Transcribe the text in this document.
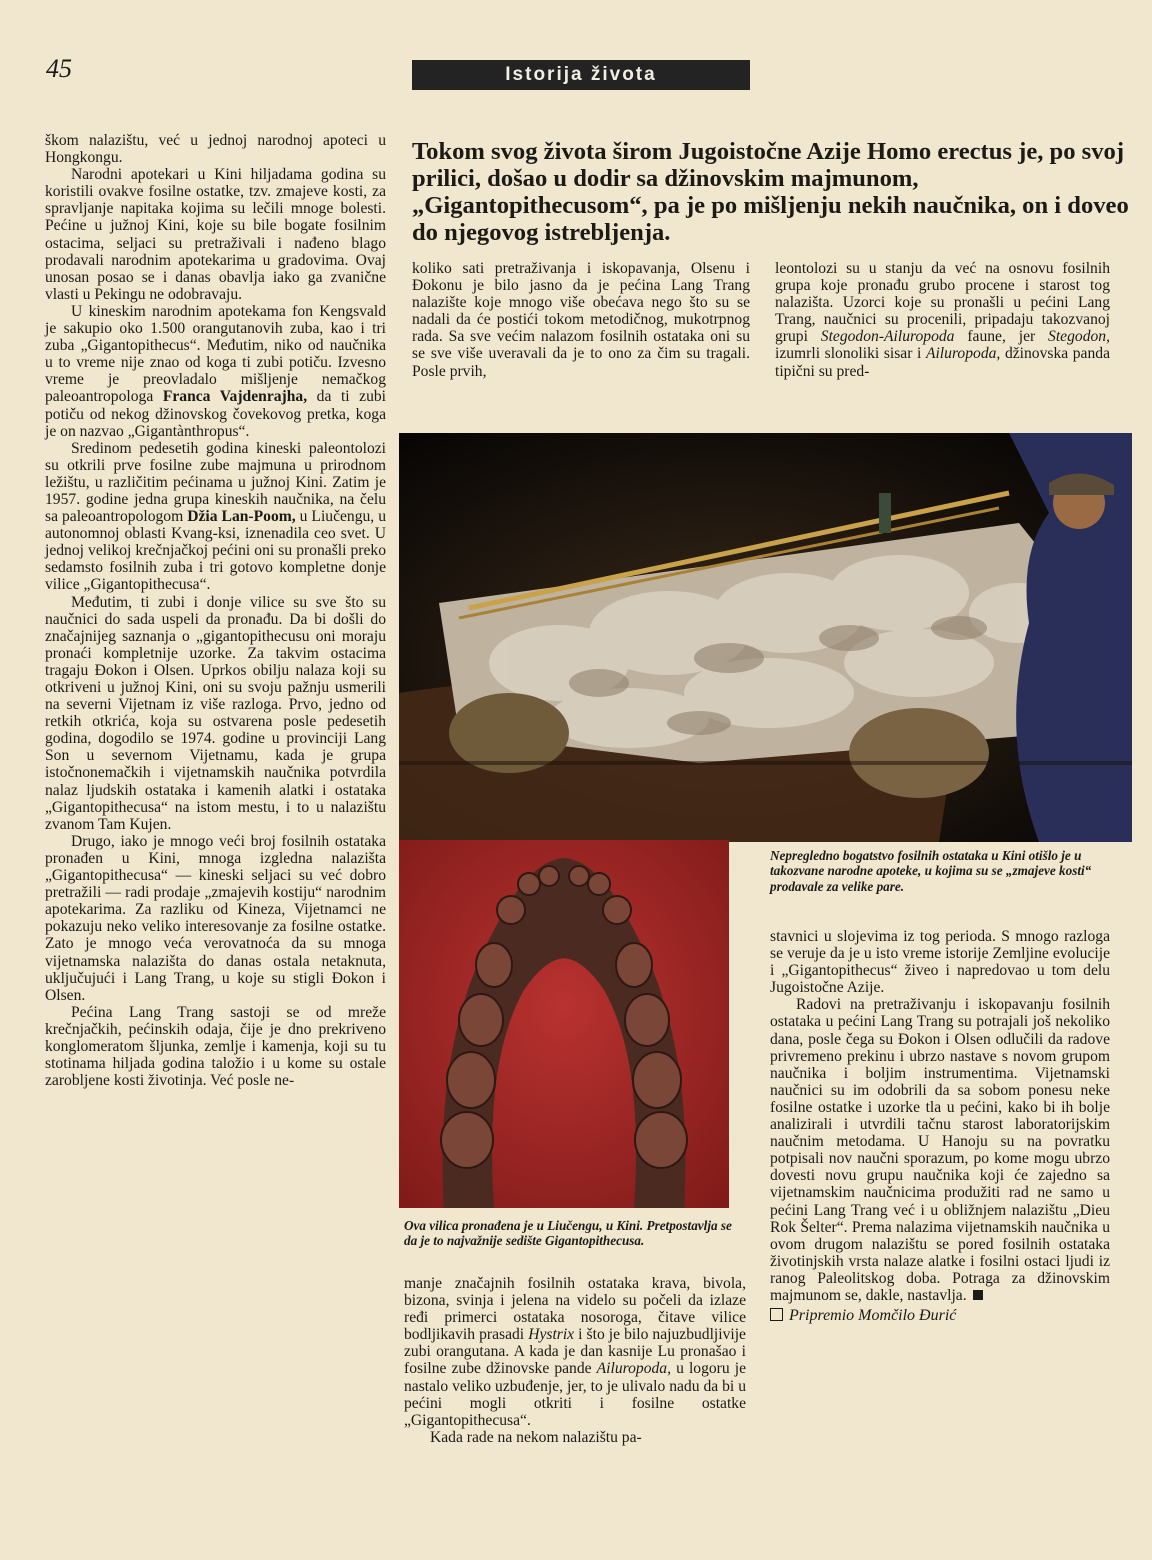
45	Istorija života

škom nalazištu, već u jednoj narodnoj apoteci u Hongkongu.

Narodni apotekari u Kini hiljadama godina su koristili ovakve fosilne ostatke, tzv. zmajeve kosti, za spravljanje napitaka kojima su lečili mnoge bolesti. Pećine u južnoj Kini, koje su bile bogate fosilnim ostacima, seljaci su pretraživali i nađeno blago prodavali narodnim apotekarima u gradovima. Ovaj unosan posao se i danas obavlja iako ga zvanične vlasti u Pekingu ne odobravaju.

U kineskim narodnim apotekama fon Kengsvald je sakupio oko 1.500 orangutanovih zuba, kao i tri zuba „Gigantopithecus“. Međutim, niko od naučnika u to vreme nije znao od koga ti zubi potiču. Izvesno vreme je preovladalo mišljenje nemačkog paleoantropologa Franca Vajdenrajha, da ti zubi potiču od nekog džinovskog čovekovog pretka, koga je on nazvao „Gigantànthropus“.

Sredinom pedesetih godina kineski paleontolozi su otkrili prve fosilne zube majmuna u prirodnom ležištu, u različitim pećinama u južnoj Kini. Zatim je 1957. godine jedna grupa kineskih naučnika, na čelu sa paleoantropologom Džia Lan-Poom, u Liučengu, u autonomnoj oblasti Kvang-ksi, iznenadila ceo svet. U jednoj velikoj krečnjačkoj pećini oni su pronašli preko sedamsto fosilnih zuba i tri gotovo kompletne donje vilice „Gigantopithecusa“.

Međutim, ti zubi i donje vilice su sve što su naučnici do sada uspeli da pronađu. Da bi došli do značajnijeg saznanja o „gigantopithecusu oni moraju pronaći kompletnije uzorke. Za takvim ostacima tragaju Đokon i Olsen. Uprkos obilju nalaza koji su otkriveni u južnoj Kini, oni su svoju pažnju usmerili na severni Vijetnam iz više razloga. Prvo, jedno od retkih otkrića, koja su ostvarena posle pedesetih godina, dogodilo se 1974. godine u provinciji Lang Son u severnom Vijetnamu, kada je grupa istočnonemačkih i vijetnamskih naučnika potvrdila nalaz ljudskih ostataka i kamenih alatki i ostataka „Gigantopithecusa“ na istom mestu, i to u nalazištu zvanom Tam Kujen.

Drugo, iako je mnogo veći broj fosilnih ostataka pronađen u Kini, mnoga izgledna nalazišta „Gigantopithecusa“ — kineski seljaci su već dobro pretražili — radi prodaje „zmajevih kostiju“ narodnim apotekarima. Za razliku od Kineza, Vijetnamci ne pokazuju neko veliko interesovanje za fosilne ostatke. Zato je mnogo veća verovatnoća da su mnoga vijetnamska nalazišta do danas ostala netaknuta, uključujući i Lang Trang, u koje su stigli Đokon i Olsen.

Pećina Lang Trang sastoji se od mreže krečnjačkih, pećinskih odaja, čije je dno prekriveno konglomeratom šljunka, zemlje i kamenja, koji su tu stotinama hiljada godina taložio i u kome su ostale zarobljene kosti životinja. Već posle ne-

Tokom svog života širom Jugoistočne Azije Homo erectus je, po svoj prilici, došao u dodir sa džinovskim majmunom, „Gigantopithecusom“, pa je po mišljenju nekih naučnika, on i doveo do njegovog istrebljenja.

koliko sati pretraživanja i iskopavanja, Olsenu i Đokonu je bilo jasno da je pećina Lang Trang nalazište koje mnogo više obećava nego što su se nadali da će postići tokom metodičnog, mukotrpnog rada. Sa sve većim nalazom fosilnih ostataka oni su se sve više uveravali da je to ono za čim su tragali. Posle prvih,

leontolozi su u stanju da već na osnovu fosilnih grupa koje pronađu grubo procene i starost tog nalazišta. Uzorci koje su pronašli u pećini Lang Trang, naučnici su procenili, pripadaju takozvanoj grupi Stegodon-Ailuropoda faune, jer Stegodon, izumrli slonoliki sisar i Ailuropoda, džinovska panda tipični su pred-

Nepregledno bogatstvo fosilnih ostataka u Kini otišlo je u takozvane narodne apoteke, u kojima su se „zmajeve kosti“ prodavale za velike pare.
Ova vilica pronađena je u Liučengu, u Kini. Pretpostavlja se da je to najvažnije sedište Gigantopithecusa.

stavnici u slojevima iz tog perioda. S mnogo razloga se veruje da je u isto vreme istorije Zemljine evolucije i „Gigantopithecus“ živeo i napredovao u tom delu Jugoistočne Azije.

Radovi na pretraživanju i iskopavanju fosilnih ostataka u pećini Lang Trang su potrajali još nekoliko dana, posle čega su Đokon i Olsen odlučili da radove privremeno prekinu i ubrzo nastave s novom grupom naučnika i boljim instrumentima. Vijetnamski naučnici su im odobrili da sa sobom ponesu neke fosilne ostatke i uzorke tla u pećini, kako bi ih bolje analizirali i utvrdili tačnu starost laboratorijskim naučnim metodama. U Hanoju su na povratku potpisali nov naučni sporazum, po kome mogu ubrzo dovesti novu grupu naučnika koji će zajedno sa vijetnamskim naučnicima produžiti rad ne samo u pećini Lang Trang već i u obližnjem nalazištu „Dieu Rok Šelter“. Prema nalazima vijetnamskih naučnika u ovom drugom nalazištu se pored fosilnih ostataka životinjskih vrsta nalaze alatke i fosilni ostaci ljudi iz ranog Paleolitskog doba. Potraga za džinovskim majmunom se, dakle, nastavlja.

Pripremio Momčilo Đurić

manje značajnih fosilnih ostataka krava, bivola, bizona, svinja i jelena na videlo su počeli da izlaze ređi primerci ostataka nosoroga, čitave vilice bodljikavih prasadi Hystrix i što je bilo najuzbudljivije zubi orangutana. A kada je dan kasnije Lu pronašao i fosilne zube džinovske pande Ailuropoda, u logoru je nastalo veliko uzbuđenje, jer, to je ulivalo nadu da bi u pećini mogli otkriti i fosilne ostatke „Gigantopithecusa“.

Kada rade na nekom nalazištu pa-
